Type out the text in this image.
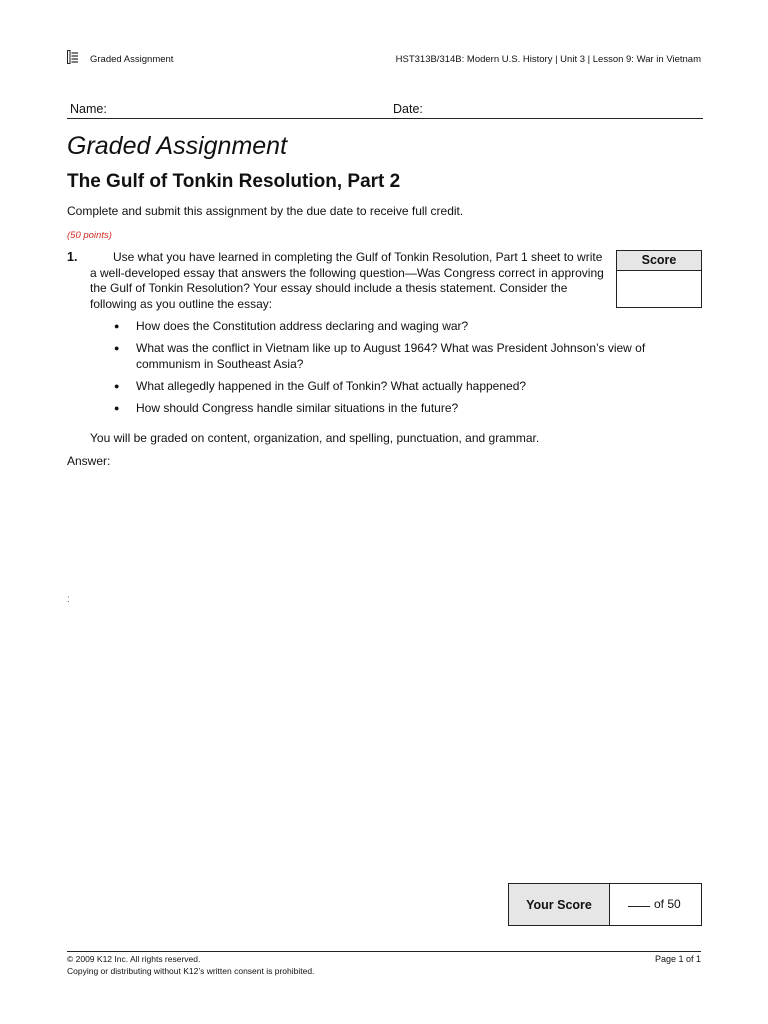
Graded Assignment	HST313B/314B: Modern U.S. History | Unit 3 | Lesson 9: War in Vietnam
Name:	Date:
Graded Assignment
The Gulf of Tonkin Resolution, Part 2
Complete and submit this assignment by the due date to receive full credit.
(50 points)
1.	Use what you have learned in completing the Gulf of Tonkin Resolution, Part 1 sheet to write a well-developed essay that answers the following question—Was Congress correct in approving the Gulf of Tonkin Resolution? Your essay should include a thesis statement. Consider the following as you outline the essay:
Score
● How does the Constitution address declaring and waging war?
● What was the conflict in Vietnam like up to August 1964? What was President Johnson’s view of communism in Southeast Asia?
● What allegedly happened in the Gulf of Tonkin? What actually happened?
● How should Congress handle similar situations in the future?
You will be graded on content, organization, and spelling, punctuation, and grammar.
Answer:
:
Your Score	of 50
© 2009 K12 Inc. All rights reserved.
Copying or distributing without K12’s written consent is prohibited.
Page 1 of 1
